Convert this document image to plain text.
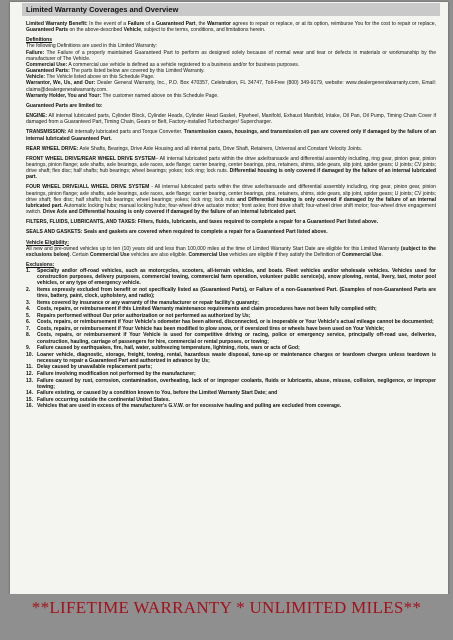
Limited Warranty Coverages and Overview
Limited Warranty Benefit: In the event of a Failure of a Guaranteed Part, the Warrantor agrees to repair or replace, or at its option, reimburse You for the cost to repair or replace, Guaranteed Parts on the above-described Vehicle, subject to the terms, conditions, and limitations herein.
Definitions
The following Definitions are used in this Limited Warranty:
Failure: The Failure of a properly maintained Guaranteed Part to perform as designed solely because of normal wear and tear or defects in materials or workmanship by the manufacturer of The Vehicle.
Commercial Use: A commercial use vehicle is defined as a vehicle registered to a business and/or for business purposes.
Guaranteed Parts: The parts listed below are covered by this Limited Warranty.
Vehicle: The Vehicle listed above on this Schedule Page.
Warrantor, We, Us, and Our: Dealer General Warranty, Inc., P.O. Box 470357, Celebration, FL 34747, Toll-Free (800) 349-9179, website: www.dealergeneralwarranty.com, Email: claims@dealergeneralwarranty.com.
Warranty Holder, You and Your: The customer named above on this Schedule Page.
Guaranteed Parts are limited to:
ENGINE: All internal lubricated parts, Cylinder Block, Cylinder Heads, Cylinder Head Gasket, Flywheel, Manifold, Exhaust Manifold, Intake, Oil Pan, Oil Pump, Timing Chain Cover if damaged from a Guaranteed Part, Timing Chain, Gears or Belt, Factory-installed Turbocharger/ Supercharger.
TRANSMISSION: All internally lubricated parts and Torque Converter. Transmission cases, housings, and transmission oil pan are covered only if damaged by the failure of an internal lubricated Guaranteed Part.
REAR WHEEL DRIVE: Axle Shafts, Bearings, Drive Axle Housing and all internal parts, Drive Shaft, Retainers, Universal and Constant Velocity Joints.
FRONT WHEEL DRIVE/REAR WHEEL DRIVE SYSTEM– All internal lubricated parts within the drive axle/transaxle and differential assembly including, ring gear, pinion gear, pinion bearings, pinion flange; axle shafts, axle bearings, axle races, axle flange; carrier bearing, center bearings, pins, retainers, shims, side gears, slip joint, spider gears; U joints; CV joints; drive shaft; flex disc; half shafts; hub bearings; wheel bearings; yokes; lock ring; lock nuts. Differential housing is only covered if damaged by the failure of an internal lubricated part.
FOUR WHEEL DRIVE/ALL WHEEL DRIVE SYSTEM - All internal lubricated parts within the drive axle/transaxle and differential assembly including, ring gear, pinion gear, pinion bearings, pinion flange; axle shafts, axle bearings, axle races, axle flange; carrier bearing, center bearings, pins, retainers, shims, side gears, slip joint, spider gears; U joints; CV joints; drive shaft; flex disc; half shafts; hub bearings; wheel bearings; yokes; lock ring; lock nuts and Differential housing is only covered if damaged by the failure of an internal lubricated part. Automatic locking hubs; manual locking hubs; four-wheel drive actuator motor; front axles; front drive shaft; four-wheel drive shift motor; four-wheel drive engagement switch. Drive Axle and Differential housing is only covered if damaged by the failure of an internal lubricated part.
FILTERS, FLUIDS, LUBRICANTS, AND TAXES: Filters, fluids, lubricants, and taxes required to complete a repair for a Guaranteed Part listed above.
SEALS AND GASKETS: Seals and gaskets are covered when required to complete a repair for a Guaranteed Part listed above.
Vehicle Eligibility:
All new and pre-owned vehicles up to ten (10) years old and less than 100,000 miles at the time of Limited Warranty Start Date are eligible for this Limited Warranty (subject to the exclusions below). Certain Commercial Use vehicles are also eligible. Commercial Use vehicles are eligible if they satisfy the Definition of Commercial Use.
Exclusions:
1.	Specialty and/or off-road vehicles, such as motorcycles, scooters, all-terrain vehicles, and boats. Fleet vehicles and/or wholesale vehicles. Vehicles used for construction purposes, delivery purposes, commercial towing, commercial farm operation, volunteer public service(s), snow plowing, rental, livery, taxi, motor pool vehicles, or any type of emergency vehicle.
2.	Items expressly excluded from benefit or not specifically listed as (Guaranteed Parts), or Failure of a non-Guaranteed Part. (Examples of non-Guaranteed Parts are tires, battery, paint, clock, upholstery, and radio);
3.	Items covered by insurance or any warranty of the manufacturer or repair facility's guaranty;
4.	Costs, repairs, or reimbursement if this Limited Warranty maintenance requirements and claim procedures have not been fully complied with;
5.	Repairs performed without Our prior authorization or not performed as authorized by Us;
6.	Costs, repairs, or reimbursement if Your Vehicle's odometer has been altered, disconnected, or is inoperable or Your Vehicle's actual mileage cannot be documented;
7.	Costs, repairs, or reimbursement if Your Vehicle has been modified to plow snow, or if oversized tires or wheels have been used on Your Vehicle;
8.	Costs, repairs, or reimbursement if Your Vehicle is used for competitive driving or racing, police or emergency service, principally off-road use, deliveries, construction, hauling, carriage of passengers for hire, commercial or rental purposes, or towing;
9.	Failure caused by earthquakes, fire, hail, water, subfreezing temperature, lightning, riots, wars or acts of God;
10. Loaner vehicle, diagnostic, storage, freight, towing, rental, hazardous waste disposal, tune-up or maintenance charges or teardown charges unless teardown is necessary to repair a Guaranteed Part and authorized in advance by Us;
11. Delay caused by unavailable replacement parts;
12. Failure involving modification not performed by the manufacturer;
13. Failure caused by rust, corrosion, contamination, overheating, lack of or improper coolants, fluids or lubricants, abuse, misuse, collision, negligence, or improper towing;
14. Failure existing, or caused by a condition known to You, before the Limited Warranty Start Date; and
15. Failure occurring outside the continental United States.
16. Vehicles that are used in excess of the manufacturer's G.V.W. or for excessive hauling and pulling are excluded from coverage.
**LIFETIME WARRANTY * UNLIMITED MILES**
